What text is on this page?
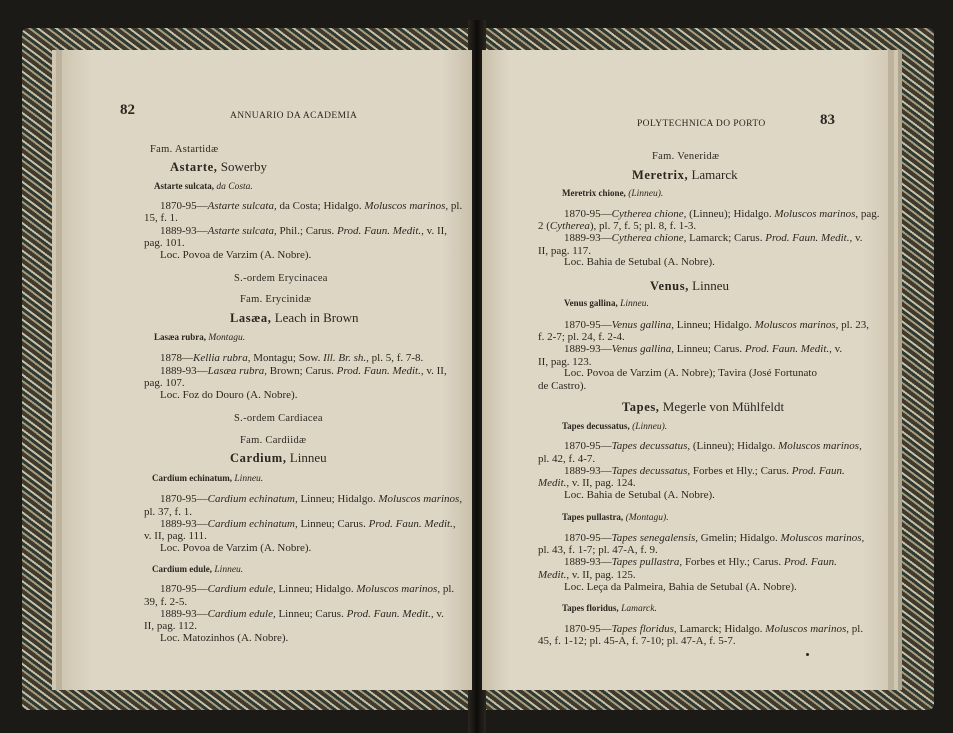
82	ANNUARIO DA ACADEMIA
Fam. Astartidæ
Astarte, Sowerby
Astarte sulcata, da Costa.
1870-95—Astarte sulcata, da Costa; Hidalgo. Moluscos marinos, pl.
15, f. 1.
1889-93—Astarte sulcata, Phil.; Carus. Prod. Faun. Medit., v. II,
pag. 101.
Loc. Povoa de Varzim (A. Nobre).
S.-ordem Erycinacea
Fam. Erycinidæ
Lasæa, Leach in Brown
Lasæa rubra, Montagu.
1878—Kellia rubra, Montagu; Sow. Ill. Br. sh., pl. 5, f. 7-8.
1889-93—Lasæa rubra, Brown; Carus. Prod. Faun. Medit., v. II,
pag. 107.
Loc. Foz do Douro (A. Nobre).
S.-ordem Cardiacea
Fam. Cardiidæ
Cardium, Linneu
Cardium echinatum, Linneu.
1870-95—Cardium echinatum, Linneu; Hidalgo. Moluscos marinos,
pl. 37, f. 1.
1889-93—Cardium echinatum, Linneu; Carus. Prod. Faun. Medit.,
v. II, pag. 111.
Loc. Povoa de Varzim (A. Nobre).
Cardium edule, Linneu.
1870-95—Cardium edule, Linneu; Hidalgo. Moluscos marinos, pl.
39, f. 2-5.
1889-93—Cardium edule, Linneu; Carus. Prod. Faun. Medit., v.
II, pag. 112.
Loc. Matozinhos (A. Nobre).
POLYTECHNICA DO PORTO	83
Fam. Veneridæ
Meretrix, Lamarck
Meretrix chione, (Linneu).
1870-95—Cytherea chione, (Linneu); Hidalgo. Moluscos marinos, pag.
2 (Cytherea), pl. 7, f. 5; pl. 8, f. 1-3.
1889-93—Cytherea chione, Lamarck; Carus. Prod. Faun. Medit., v.
II, pag. 117.
Loc. Bahia de Setubal (A. Nobre).
Venus, Linneu
Venus gallina, Linneu.
1870-95—Venus gallina, Linneu; Hidalgo. Moluscos marinos, pl. 23,
f. 2-7; pl. 24, f. 2-4.
1889-93—Venus gallina, Linneu; Carus. Prod. Faun. Medit., v.
II, pag. 123.
Loc. Povoa de Varzim (A. Nobre); Tavira (José Fortunato
de Castro).
Tapes, Megerle von Mühlfeldt
Tapes decussatus, (Linneu).
1870-95—Tapes decussatus, (Linneu); Hidalgo. Moluscos marinos,
pl. 42, f. 4-7.
1889-93—Tapes decussatus, Forbes et Hly.; Carus. Prod. Faun.
Medit., v. II, pag. 124.
Loc. Bahia de Setubal (A. Nobre).
Tapes pullastra, (Montagu).
1870-95—Tapes senegalensis, Gmelin; Hidalgo. Moluscos marinos,
pl. 43, f. 1-7; pl. 47-A, f. 9.
1889-93—Tapes pullastra, Forbes et Hly.; Carus. Prod. Faun.
Medit., v. II, pag. 125.
Loc. Leça da Palmeira, Bahia de Setubal (A. Nobre).
Tapes floridus, Lamarck.
1870-95—Tapes floridus, Lamarck; Hidalgo. Moluscos marinos, pl.
45, f. 1-12; pl. 45-A, f. 7-10; pl. 47-A, f. 5-7.
